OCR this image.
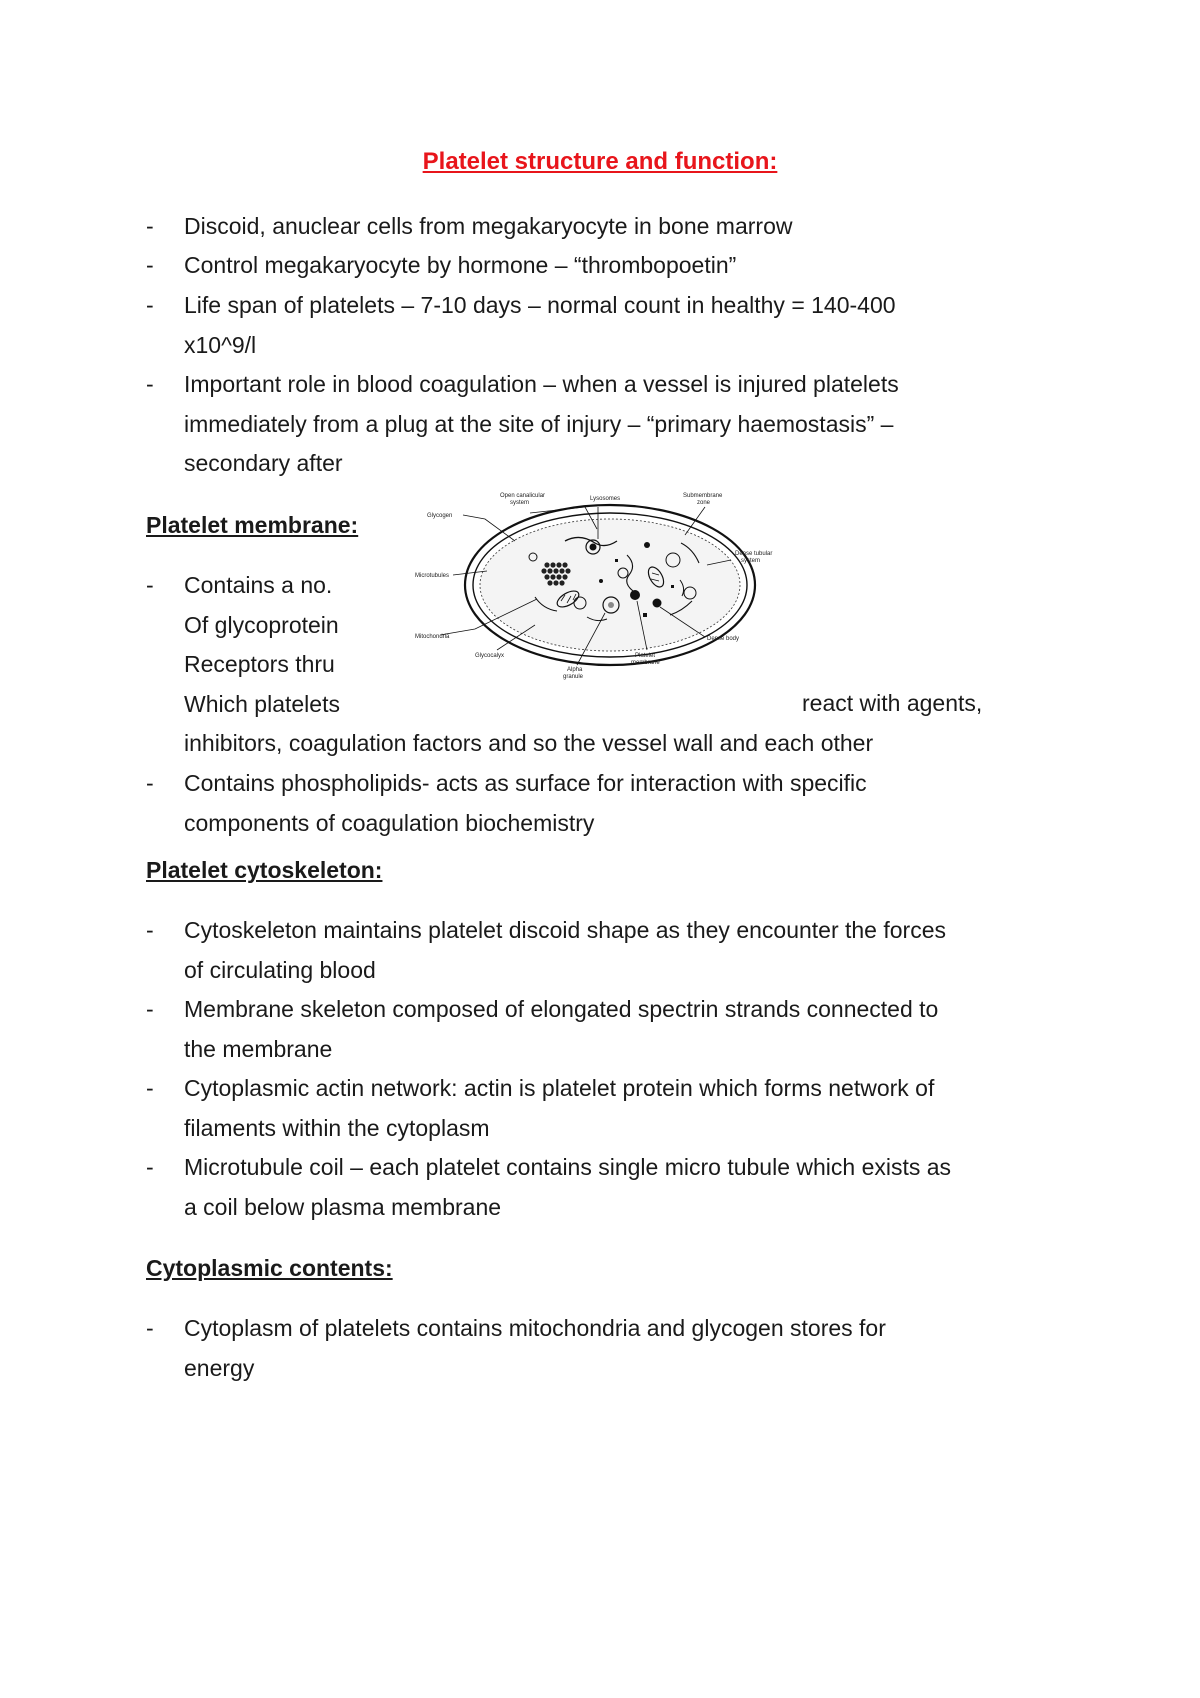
Platelet structure and function:
- Discoid, anuclear cells from megakaryocyte in bone marrow
- Control megakaryocyte by hormone – “thrombopoetin”
- Life span of platelets – 7-10 days – normal count in healthy = 140-400
x10^9/l
- Important role in blood coagulation – when a vessel is injured platelets
immediately from a plug at the site of injury – “primary haemostasis” –
secondary after
Platelet membrane:
- Contains a no.
Of glycoprotein
Receptors thru
Which platelets
inhibitors, coagulation factors and so the vessel wall and each other
react with agents,
- Contains phospholipids- acts as surface for interaction with specific
components of coagulation biochemistry
Open canalicular
system
Lysosomes	Submembrane
zone
Glycogen
Microtubules
Dense tubular
system
Mitochondria
Glycocalyx
Alpha
granule
Platelet
membrane
Dense body
Platelet cytoskeleton:
- Cytoskeleton maintains platelet discoid shape as they encounter the forces
of circulating blood
- Membrane skeleton composed of elongated spectrin strands connected to
the membrane
- Cytoplasmic actin network: actin is platelet protein which forms network of
filaments within the cytoplasm
- Microtubule coil – each platelet contains single micro tubule which exists as
a coil below plasma membrane
Cytoplasmic contents:
- Cytoplasm of platelets contains mitochondria and glycogen stores for
energy
